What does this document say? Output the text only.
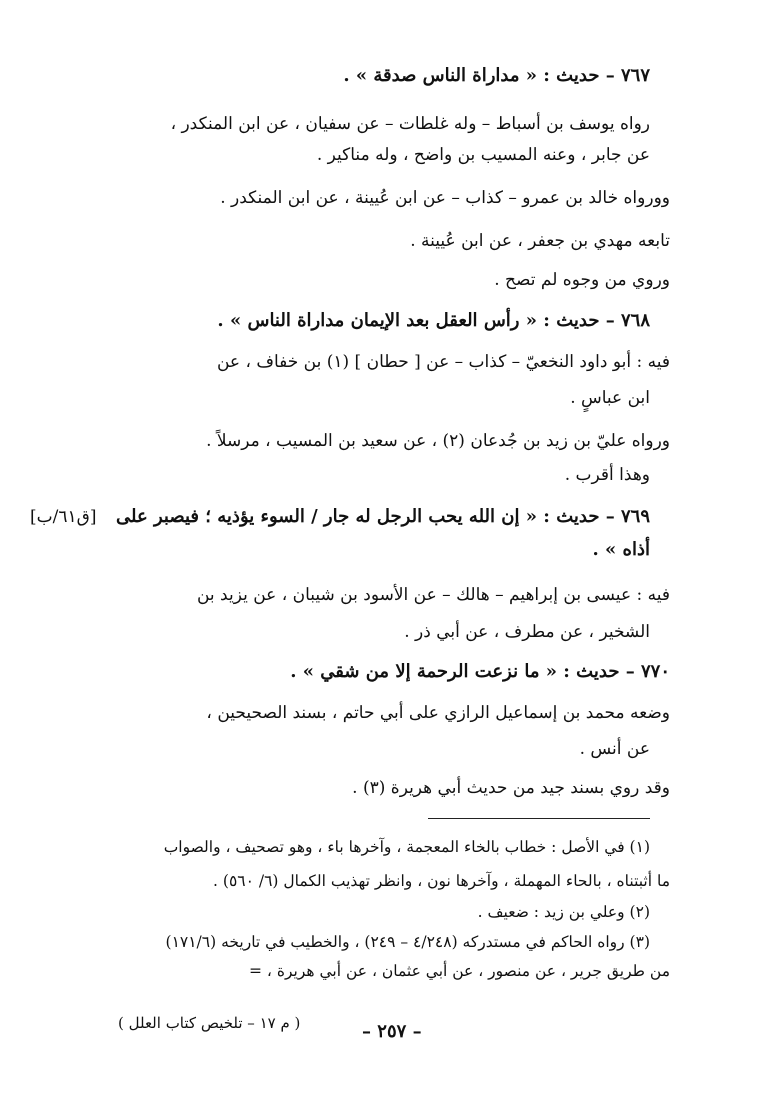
٧٦٧ – حديث : « مداراة الناس صدقة » .
رواه يوسف بن أسباط – وله غلطات – عن سفيان ، عن ابن المنكدر ،
عن جابر ، وعنه المسيب بن واضح ، وله مناكير .
وورواه خالد بن عمرو – كذاب – عن ابن عُيينة ، عن ابن المنكدر .
تابعه مهدي بن جعفر ، عن ابن عُيينة .
وروي من وجوه لم تصح .
٧٦٨ – حديث : « رأس العقل بعد الإيمان مداراة الناس » .
فيه : أبو داود النخعيّ – كذاب – عن [ حطان ] (١) بن خفاف ، عن
ابن عباسٍ .
ورواه عليّ بن زيد بن جُدعان (٢) ، عن سعيد بن المسيب ، مرسلاً .
وهذا أقرب .
٧٦٩ – حديث : « إن الله يحب الرجل له جار / السوء يؤذيه ؛ فيصبر على
أذاه » .
فيه : عيسى بن إبراهيم – هالك – عن الأسود بن شيبان ، عن يزيد بن
الشخير ، عن مطرف ، عن أبي ذر .
٧٧٠ – حديث : « ما نزعت الرحمة إلا من شقي » .
وضعه محمد بن إسماعيل الرازي على أبي حاتم ، بسند الصحيحين ،
عن أنس .
وقد روي بسند جيد من حديث أبي هريرة (٣) .
(١) في الأصل : خطاب بالخاء المعجمة ، وآخرها باء ، وهو تصحيف ، والصواب
ما أثبتناه ، بالحاء المهملة ، وآخرها نون ، وانظر تهذيب الكمال (٦/ ٥٦٠) .
(٢) وعلي بن زيد : ضعيف .
(٣) رواه الحاكم في مستدركه (٤/٢٤٨ – ٢٤٩) ، والخطيب في تاريخه (١٧١/٦)
من طريق جرير ، عن منصور ، عن أبي عثمان ، عن أبي هريرة ، =
[ق٦١/ب]
( م ١٧ – تلخيص كتاب العلل )	– ٢٥٧ –
